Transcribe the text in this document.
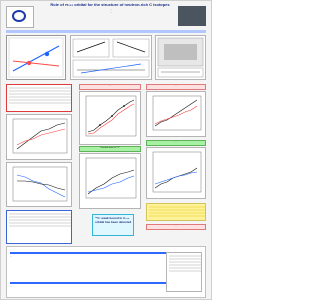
Role of π₁₁₂ orbital for the structure of neutron-rich C isotopes
…
…
…
Ground state of ¹⁶C
¹⁶C: weak bound in π₁₁₂ orbital has been detected
…
…
…
…
…
